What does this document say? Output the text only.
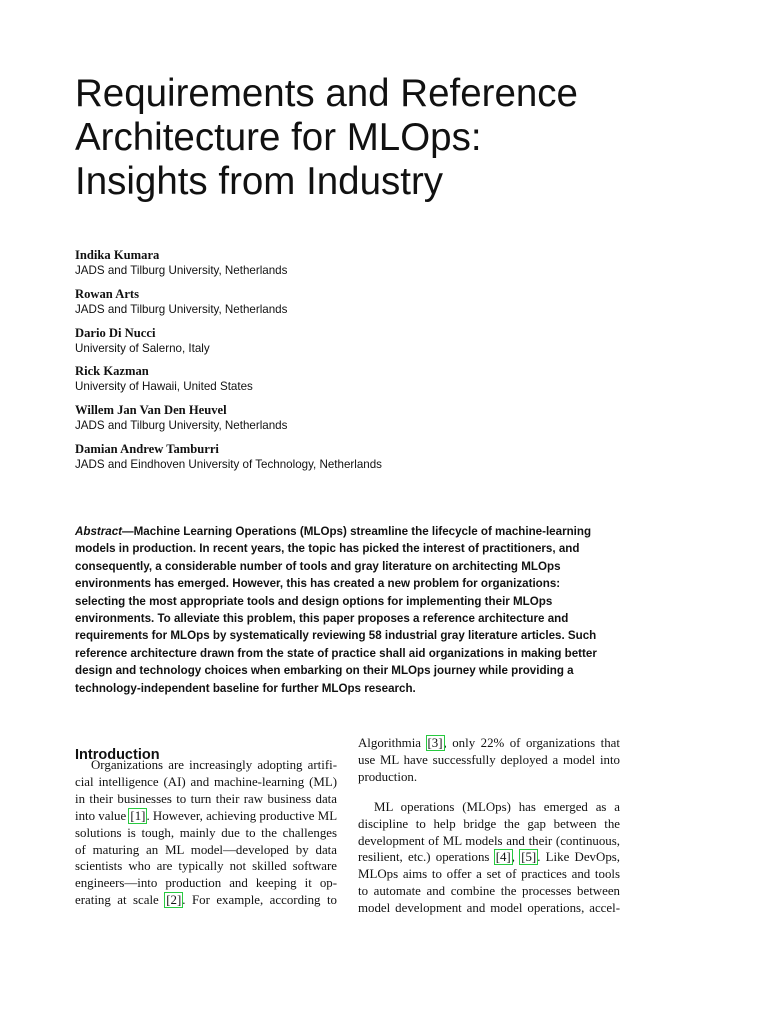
Requirements and Reference
Architecture for MLOps:
Insights from Industry
Indika Kumara
JADS and Tilburg University, Netherlands
Rowan Arts
JADS and Tilburg University, Netherlands
Dario Di Nucci
University of Salerno, Italy
Rick Kazman
University of Hawaii, United States
Willem Jan Van Den Heuvel
JADS and Tilburg University, Netherlands
Damian Andrew Tamburri
JADS and Eindhoven University of Technology, Netherlands
Abstract—Machine Learning Operations (MLOps) streamline the lifecycle of machine-learning
models in production. In recent years, the topic has picked the interest of practitioners, and
consequently, a considerable number of tools and gray literature on architecting MLOps
environments has emerged. However, this has created a new problem for organizations:
selecting the most appropriate tools and design options for implementing their MLOps
environments. To alleviate this problem, this paper proposes a reference architecture and
requirements for MLOps by systematically reviewing 58 industrial gray literature articles. Such
reference architecture drawn from the state of practice shall aid organizations in making better
design and technology choices when embarking on their MLOps journey while providing a
technology-independent baseline for further MLOps research.
Introduction
Organizations are increasingly adopting artifi-
cial intelligence (AI) and machine-learning (ML)
in their businesses to turn their raw business data
into value [1]. However, achieving productive ML
solutions is tough, mainly due to the challenges
of maturing an ML model—developed by data
scientists who are typically not skilled software
engineers—into production and keeping it op-
erating at scale [2]. For example, according to
Algorithmia [3], only 22% of organizations that
use ML have successfully deployed a model into
production.
ML operations (MLOps) has emerged as a
discipline to help bridge the gap between the
development of ML models and their (continuous,
resilient, etc.) operations [4], [5]. Like DevOps,
MLOps aims to offer a set of practices and tools
to automate and combine the processes between
model development and model operations, accel-
